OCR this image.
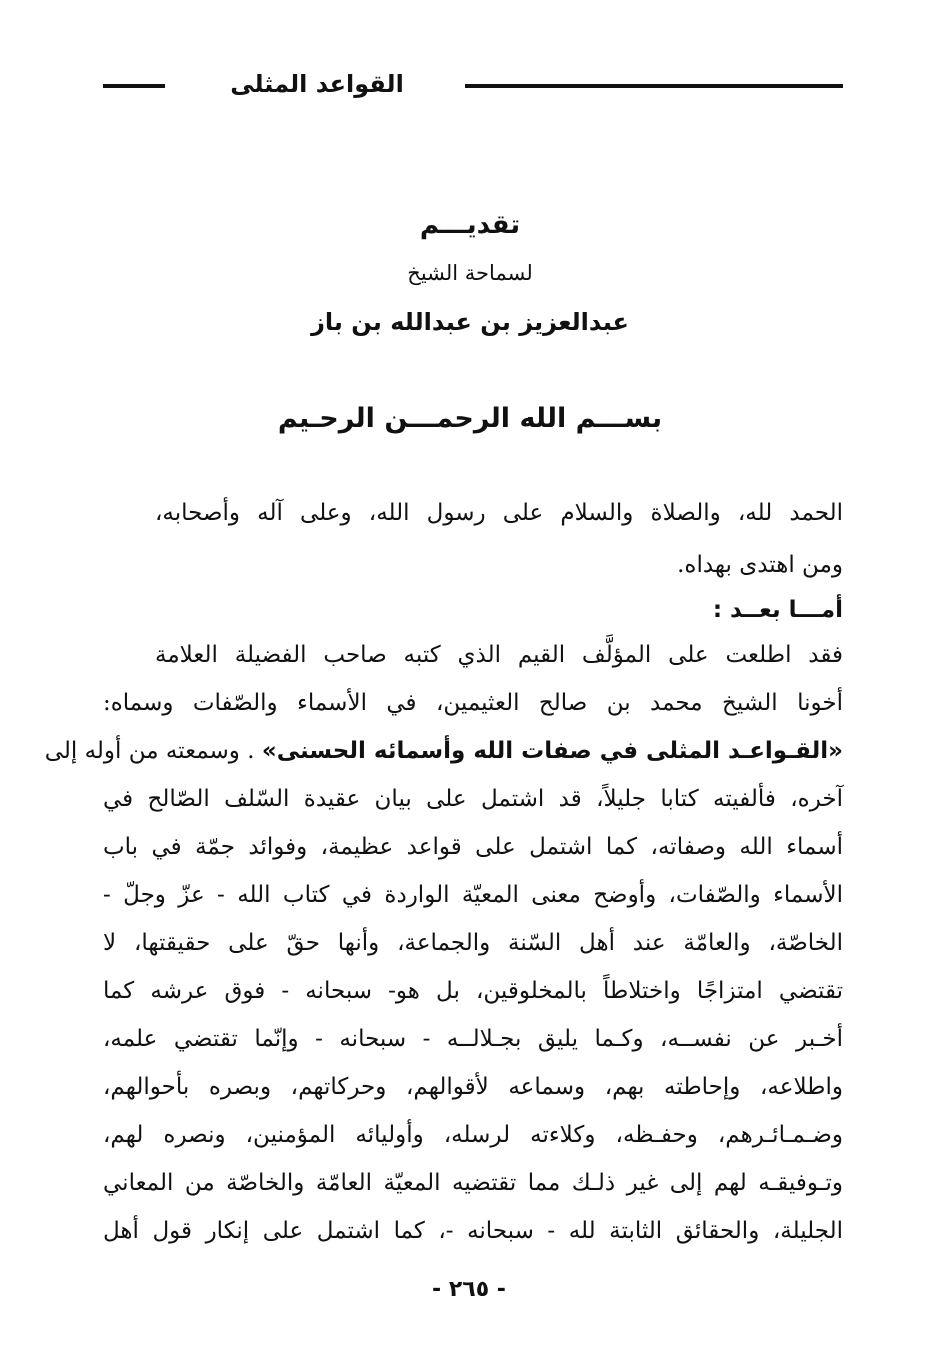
القواعد المثلى
تقديـــم
لسماحة الشيخ
عبدالعزيز بن عبدالله بن باز
بســـم الله الرحمـــن الرحـيم
الحمد لله، والصلاة والسلام على رسول الله، وعلى آله وأصحابه،
ومن اهتدى بهداه.
أمـــا بعــد :
فقد اطلعت على المؤلَّف القيم الذي كتبه صاحب الفضيلة العلامة
أخونا الشيخ محمد بن صالح العثيمين، في الأسماء والصّفات وسماه:
«القـواعـد المثلى في صفات الله وأسمائه الحسنى» . وسمعته من أوله إلى
آخره، فألفيته كتابا جليلاً، قد اشتمل على بيان عقيدة السّلف الصّالح في
أسماء الله وصفاته، كما اشتمل على قواعد عظيمة، وفوائد جمّة في باب
الأسماء والصّفات، وأوضح معنى المعيّة الواردة في كتاب الله - عزّ وجلّ -
الخاصّة، والعامّة عند أهل السّنة والجماعة، وأنها حقّ على حقيقتها، لا
تقتضي امتزاجًا واختلاطاً بالمخلوقين، بل هو- سبحانه - فوق عرشه كما
أخـبر عن نفســه، وكـما يليق بجـلالــه - سبحانه - وإنّما تقتضي علمه،
واطلاعه، وإحاطته بهم، وسماعه لأقوالهم، وحركاتهم، وبصره بأحوالهم،
وضـمـائـرهم، وحفـظه، وكلاءته لرسله، وأوليائه المؤمنين، ونصره لهم،
وتـوفيقـه لهم إلى غير ذلـك مما تقتضيه المعيّة العامّة والخاصّة من المعاني
الجليلة، والحقائق الثابتة لله - سبحانه -، كما اشتمل على إنكار قول أهل
- ٢٦٥ -
